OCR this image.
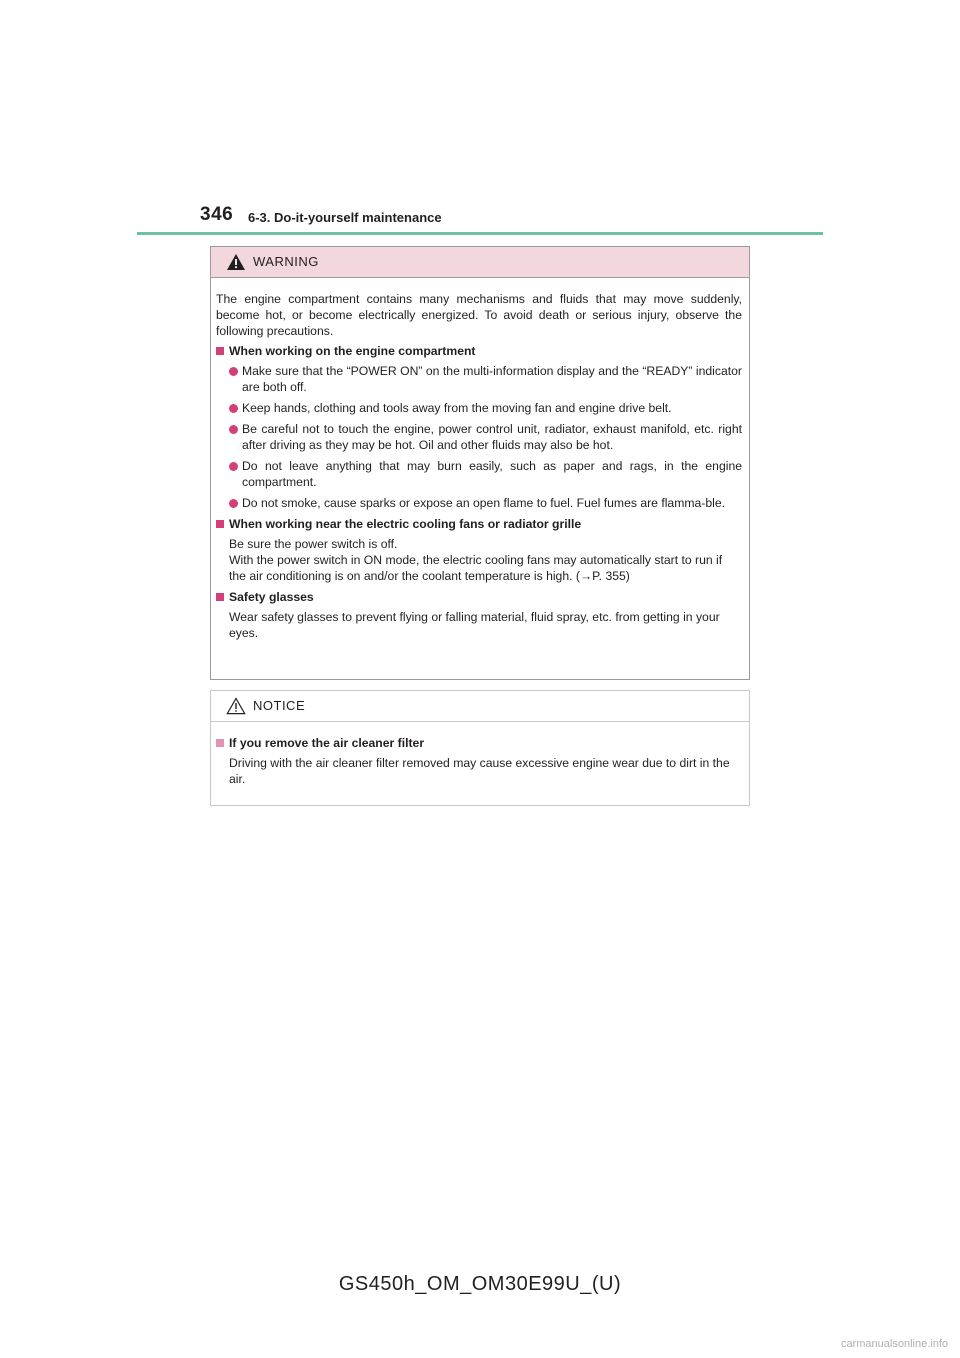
346 6-3. Do-it-yourself maintenance
WARNING

The engine compartment contains many mechanisms and fluids that may move suddenly, become hot, or become electrically energized. To avoid death or serious injury, observe the following precautions.

When working on the engine compartment
Make sure that the “POWER ON” on the multi-information display and the “READY” indicator are both off.
Keep hands, clothing and tools away from the moving fan and engine drive belt.
Be careful not to touch the engine, power control unit, radiator, exhaust manifold, etc. right after driving as they may be hot. Oil and other fluids may also be hot.
Do not leave anything that may burn easily, such as paper and rags, in the engine compartment.
Do not smoke, cause sparks or expose an open flame to fuel. Fuel fumes are flamma-ble.
When working near the electric cooling fans or radiator grille

Be sure the power switch is off.

With the power switch in ON mode, the electric cooling fans may automatically start to run if the air conditioning is on and/or the coolant temperature is high. (→P. 355)

Safety glasses

Wear safety glasses to prevent flying or falling material, fluid spray, etc. from getting in your eyes.

NOTICE
If you remove the air cleaner filter

Driving with the air cleaner filter removed may cause excessive engine wear due to dirt in the air.

GS450h_OM_OM30E99U_(U)
carmanualsonline.info
